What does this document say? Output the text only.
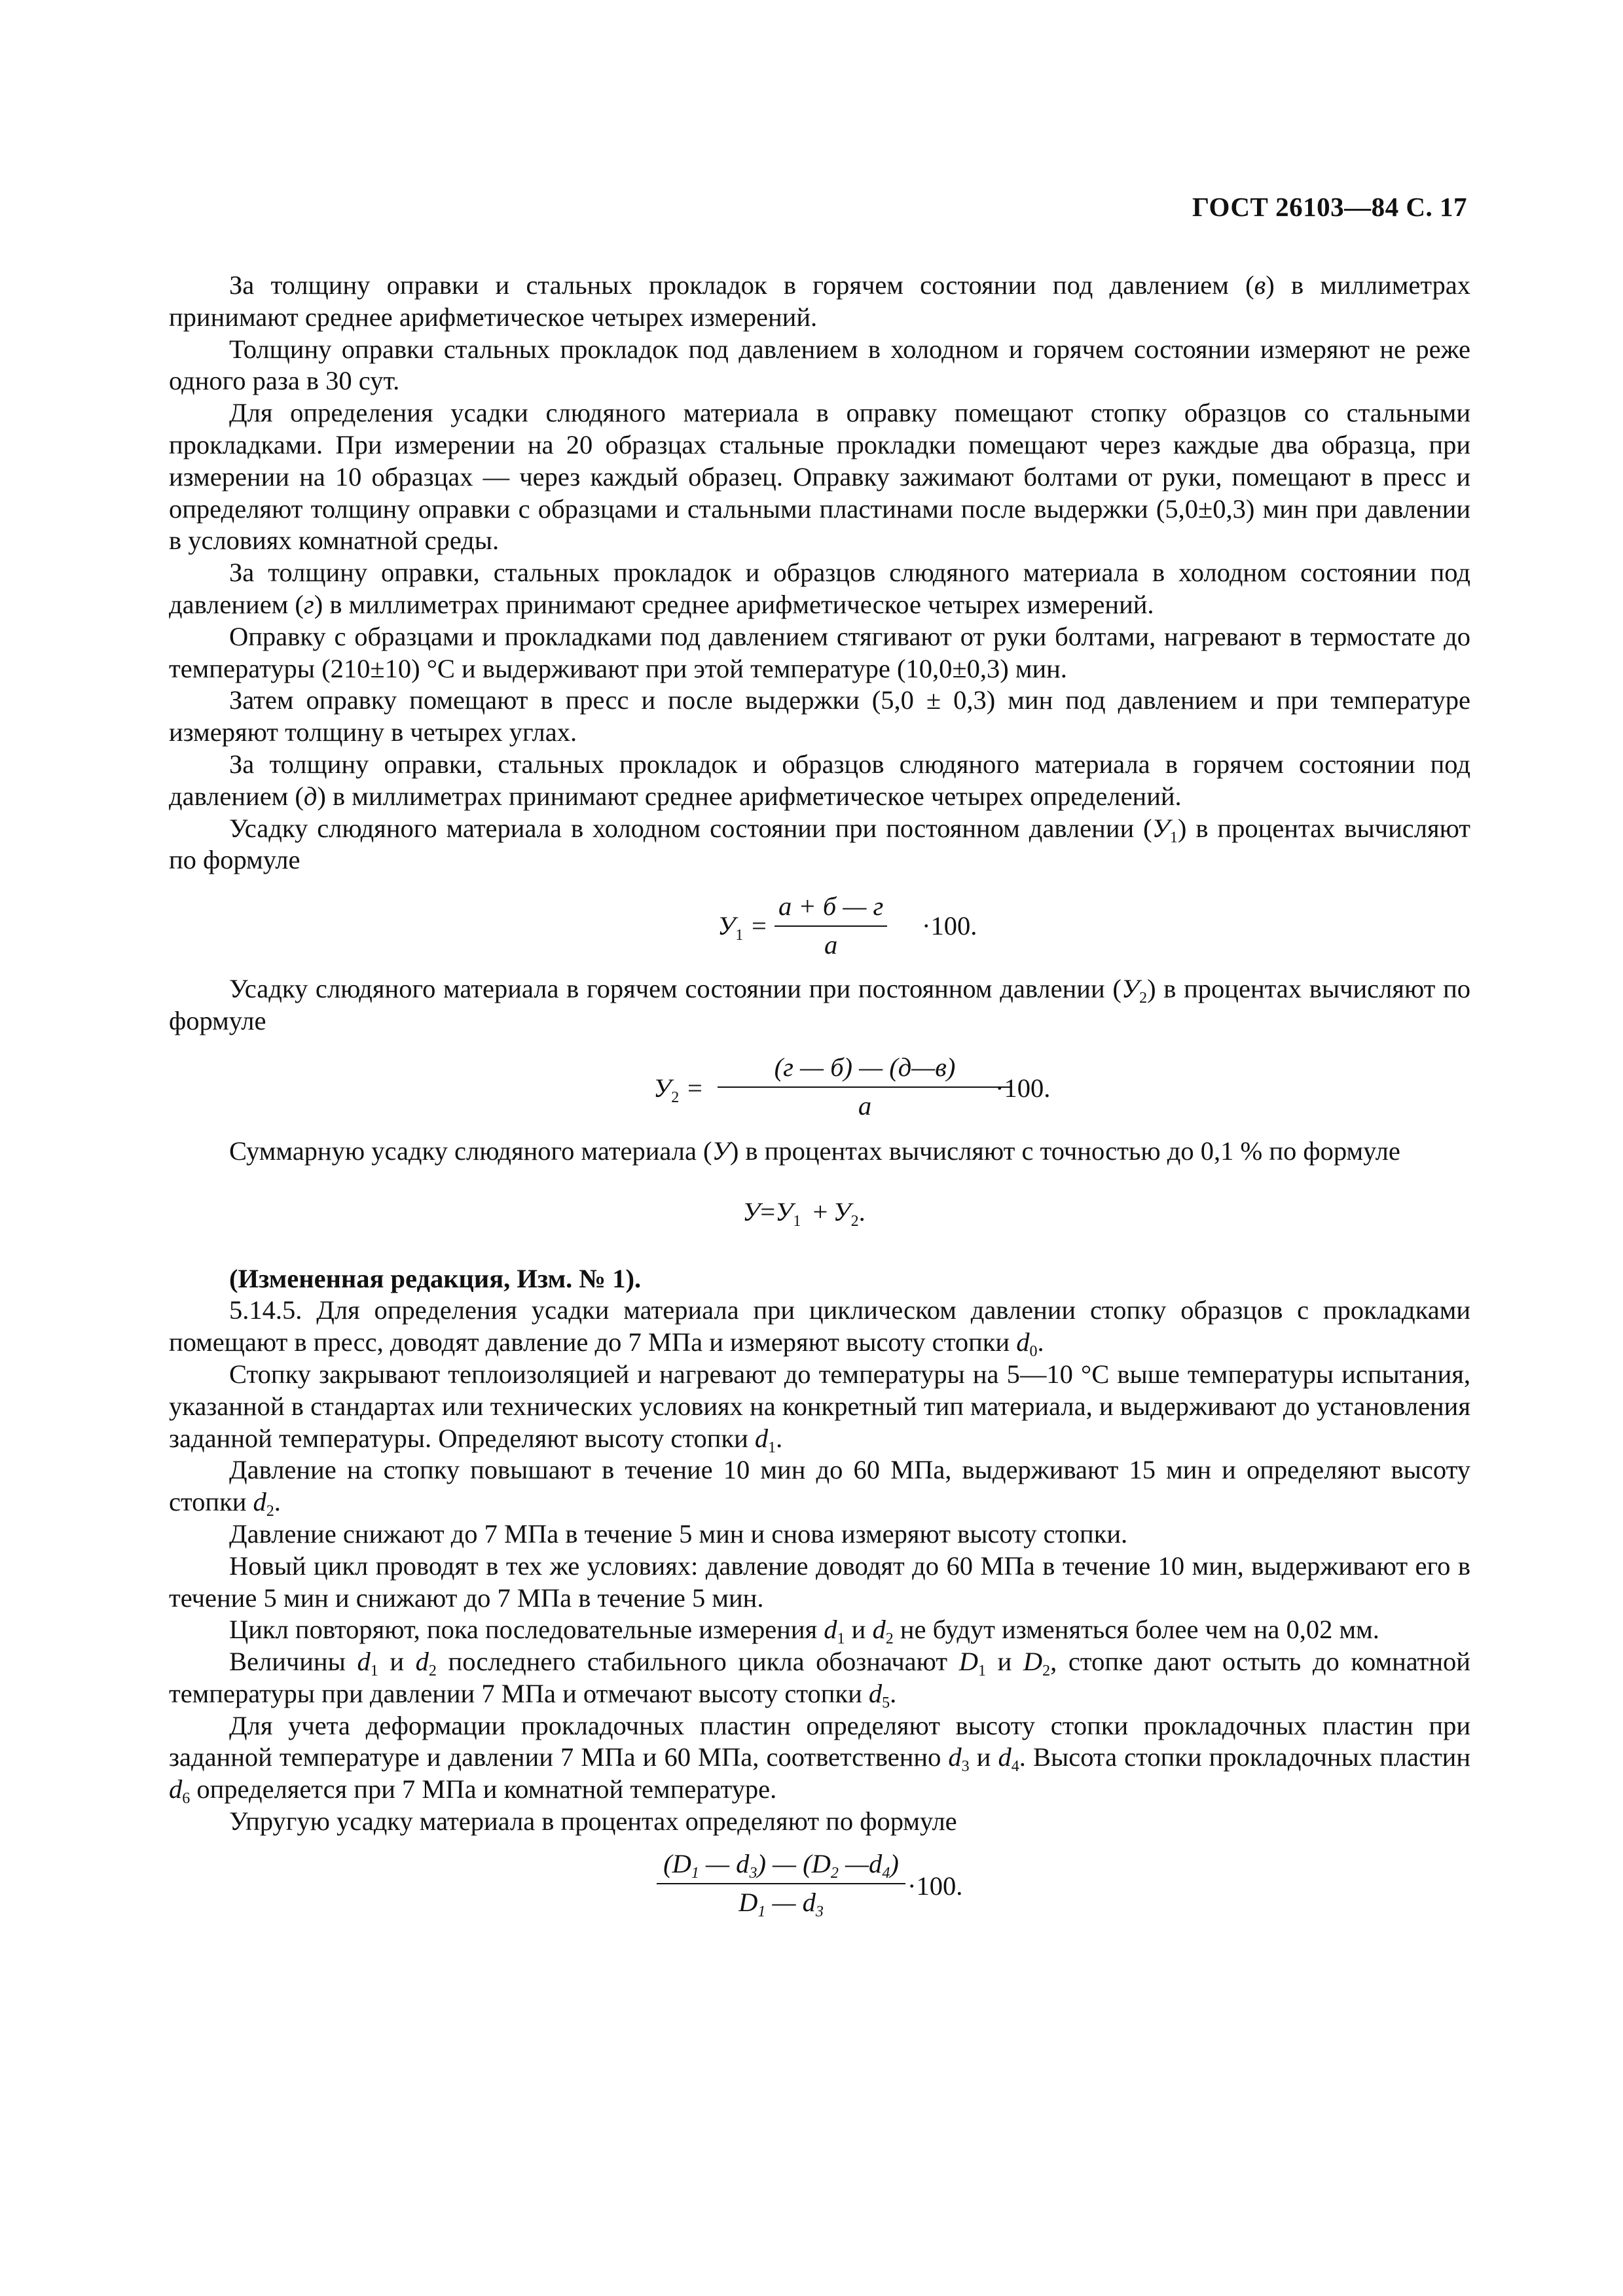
ГОСТ 26103—84 С. 17

За толщину оправки и стальных прокладок в горячем состоянии под давлением (в) в миллиметрах принимают среднее арифметическое четырех измерений.

Толщину оправки стальных прокладок под давлением в холодном и горячем состоянии измеряют не реже одного раза в 30 сут.

Для определения усадки слюдяного материала в оправку помещают стопку образцов со стальными прокладками. При измерении на 20 образцах стальные прокладки помещают через каждые два образца, при измерении на 10 образцах — через каждый образец. Оправку зажимают болтами от руки, помещают в пресс и определяют толщину оправки с образцами и стальными пластинами после выдержки (5,0±0,3) мин при давлении в условиях комнатной среды.

За толщину оправки, стальных прокладок и образцов слюдяного материала в холодном состоянии под давлением (г) в миллиметрах принимают среднее арифметическое четырех измерений.

Оправку с образцами и прокладками под давлением стягивают от руки болтами, нагревают в термостате до температуры (210±10) °С и выдерживают при этой температуре (10,0±0,3) мин.

Затем оправку помещают в пресс и после выдержки (5,0 ± 0,3) мин под давлением и при температуре измеряют толщину в четырех углах.

За толщину оправки, стальных прокладок и образцов слюдяного материала в горячем состоянии под давлением (д) в миллиметрах принимают среднее арифметическое четырех определений.

Усадку слюдяного материала в холодном состоянии при постоянном давлении $(У_1)$ в процентах вычисляют по формуле

$У_1$ =
а + б — г
а
·100.

Усадку слюдяного материала в горячем состоянии при постоянном давлении $(У_2)$ в процентах вычисляют по формуле

$У_2$ =
(г — б) — (д—в)
а
·100.

Суммарную усадку слюдяного материала (У) в процентах вычисляют с точностью до 0,1 % по формуле

$У=У_1 + У_2$.

(Измененная редакция, Изм. № 1).

5.14.5. Для определения усадки материала при циклическом давлении стопку образцов с прокладками помещают в пресс, доводят давление до 7 МПа и измеряют высоту стопки $d_0$.

Стопку закрывают теплоизоляцией и нагревают до температуры на 5—10 °С выше температуры испытания, указанной в стандартах или технических условиях на конкретный тип материала, и выдерживают до установления заданной температуры. Определяют высоту стопки $d_1$.

Давление на стопку повышают в течение 10 мин до 60 МПа, выдерживают 15 мин и определяют высоту стопки $d_2$.

Давление снижают до 7 МПа в течение 5 мин и снова измеряют высоту стопки.

Новый цикл проводят в тех же условиях: давление доводят до 60 МПа в течение 10 мин, выдерживают его в течение 5 мин и снижают до 7 МПа в течение 5 мин.

Цикл повторяют, пока последовательные измерения $d_1$ и $d_2$ не будут изменяться более чем на 0,02 мм.

Величины $d_1$ и $d_2$ последнего стабильного цикла обозначают $D_1$ и $D_2$, стопке дают остыть до комнатной температуры при давлении 7 МПа и отмечают высоту стопки $d_5$.

Для учета деформации прокладочных пластин определяют высоту стопки прокладочных пластин при заданной температуре и давлении 7 МПа и 60 МПа, соответственно $d_3$ и $d_4$. Высота стопки прокладочных пластин $d_6$ определяется при 7 МПа и комнатной температуре.

Упругую усадку материала в процентах определяют по формуле

($D_1$ — $d_3$) — ($D_2$ $—d_4$)
$D_1$ — $d_3$
·100.
